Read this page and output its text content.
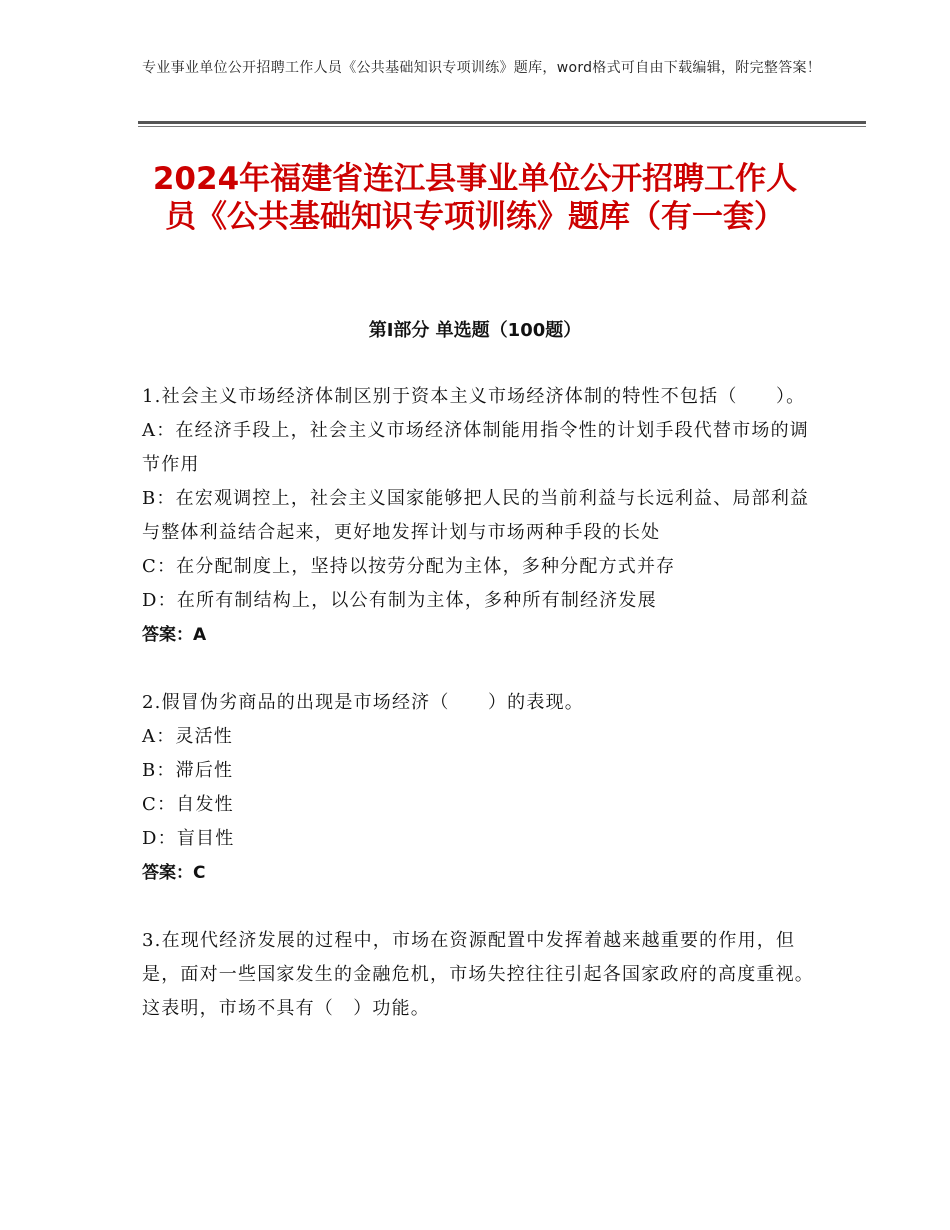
专业事业单位公开招聘工作人员《公共基础知识专项训练》题库，word格式可自由下载编辑，附完整答案！
2024年福建省连江县事业单位公开招聘工作人员《公共基础知识专项训练》题库（有一套）
第Ⅰ部分 单选题（100题）

1.社会主义市场经济体制区别于资本主义市场经济体制的特性不包括（　　）。

A：在经济手段上，社会主义市场经济体制能用指令性的计划手段代替市场的调节作用

B：在宏观调控上，社会主义国家能够把人民的当前利益与长远利益、局部利益与整体利益结合起来，更好地发挥计划与市场两种手段的长处

C：在分配制度上，坚持以按劳分配为主体，多种分配方式并存

D：在所有制结构上，以公有制为主体，多种所有制经济发展

答案：A

2.假冒伪劣商品的出现是市场经济（　　）的表现。

A：灵活性

B：滞后性

C：自发性

D：盲目性

答案：C

3.在现代经济发展的过程中，市场在资源配置中发挥着越来越重要的作用，但是，面对一些国家发生的金融危机，市场失控往往引起各国家政府的高度重视。这表明，市场不具有（　）功能。
